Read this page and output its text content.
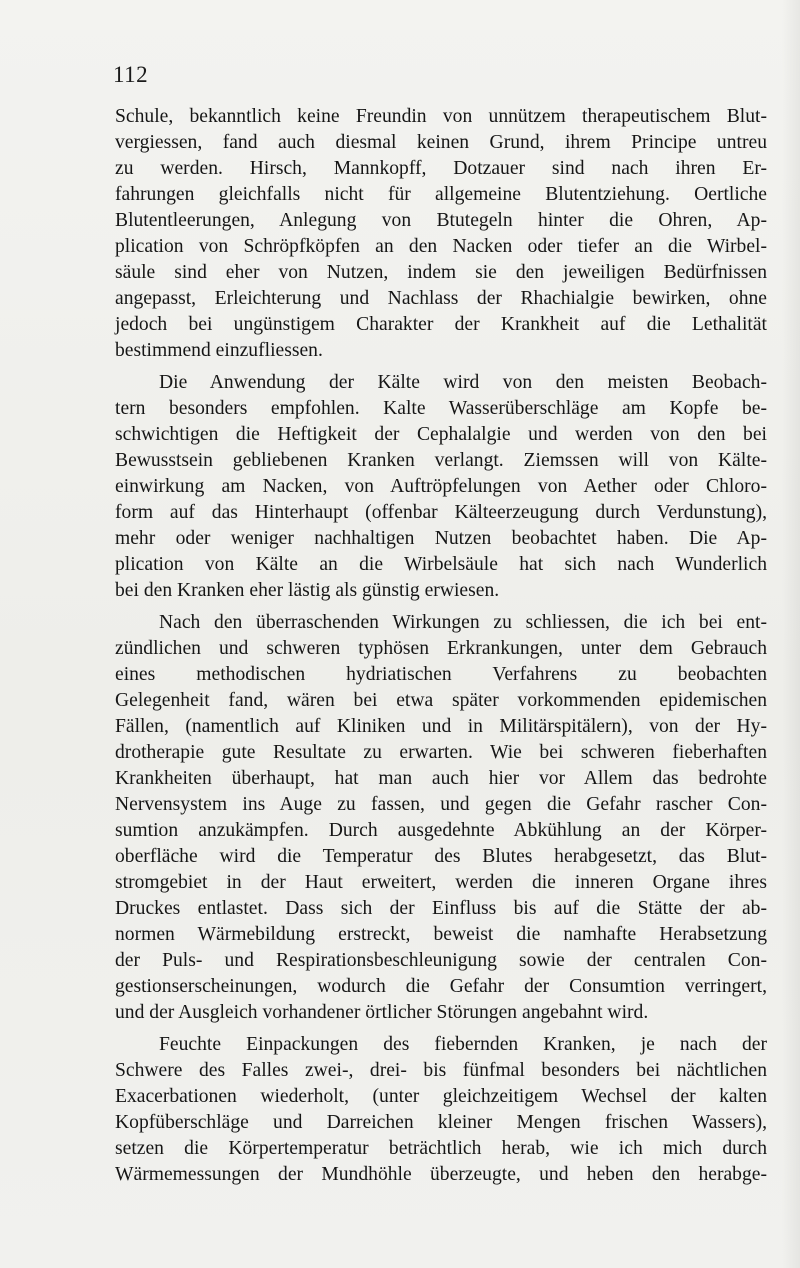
112
Schule, bekanntlich keine Freundin von unnützem therapeutischem Blut-
vergiessen, fand auch diesmal keinen Grund, ihrem Principe untreu
zu werden. Hirsch, Mannkopff, Dotzauer sind nach ihren Er-
fahrungen gleichfalls nicht für allgemeine Blutentziehung. Oertliche
Blutentleerungen, Anlegung von Btutegeln hinter die Ohren, Ap-
plication von Schröpfköpfen an den Nacken oder tiefer an die Wirbel-
säule sind eher von Nutzen, indem sie den jeweiligen Bedürfnissen
angepasst, Erleichterung und Nachlass der Rhachialgie bewirken, ohne
jedoch bei ungünstigem Charakter der Krankheit auf die Lethalität
bestimmend einzufliessen.
Die Anwendung der Kälte wird von den meisten Beobach-
tern besonders empfohlen. Kalte Wasserüberschläge am Kopfe be-
schwichtigen die Heftigkeit der Cephalalgie und werden von den bei
Bewusstsein gebliebenen Kranken verlangt. Ziemssen will von Kälte-
einwirkung am Nacken, von Auftröpfelungen von Aether oder Chloro-
form auf das Hinterhaupt (offenbar Kälteerzeugung durch Verdunstung),
mehr oder weniger nachhaltigen Nutzen beobachtet haben. Die Ap-
plication von Kälte an die Wirbelsäule hat sich nach Wunderlich
bei den Kranken eher lästig als günstig erwiesen.
Nach den überraschenden Wirkungen zu schliessen, die ich bei ent-
zündlichen und schweren typhösen Erkrankungen, unter dem Gebrauch
eines methodischen hydriatischen Verfahrens zu beobachten
Gelegenheit fand, wären bei etwa später vorkommenden epidemischen
Fällen, (namentlich auf Kliniken und in Militärspitälern), von der Hy-
drotherapie gute Resultate zu erwarten. Wie bei schweren fieberhaften
Krankheiten überhaupt, hat man auch hier vor Allem das bedrohte
Nervensystem ins Auge zu fassen, und gegen die Gefahr rascher Con-
sumtion anzukämpfen. Durch ausgedehnte Abkühlung an der Körper-
oberfläche wird die Temperatur des Blutes herabgesetzt, das Blut-
stromgebiet in der Haut erweitert, werden die inneren Organe ihres
Druckes entlastet. Dass sich der Einfluss bis auf die Stätte der ab-
normen Wärmebildung erstreckt, beweist die namhafte Herabsetzung
der Puls- und Respirationsbeschleunigung sowie der centralen Con-
gestionserscheinungen, wodurch die Gefahr der Consumtion verringert,
und der Ausgleich vorhandener örtlicher Störungen angebahnt wird.
Feuchte Einpackungen des fiebernden Kranken, je nach der
Schwere des Falles zwei-, drei- bis fünfmal besonders bei nächtlichen
Exacerbationen wiederholt, (unter gleichzeitigem Wechsel der kalten
Kopfüberschläge und Darreichen kleiner Mengen frischen Wassers),
setzen die Körpertemperatur beträchtlich herab, wie ich mich durch
Wärmemessungen der Mundhöhle überzeugte, und heben den herabge-
